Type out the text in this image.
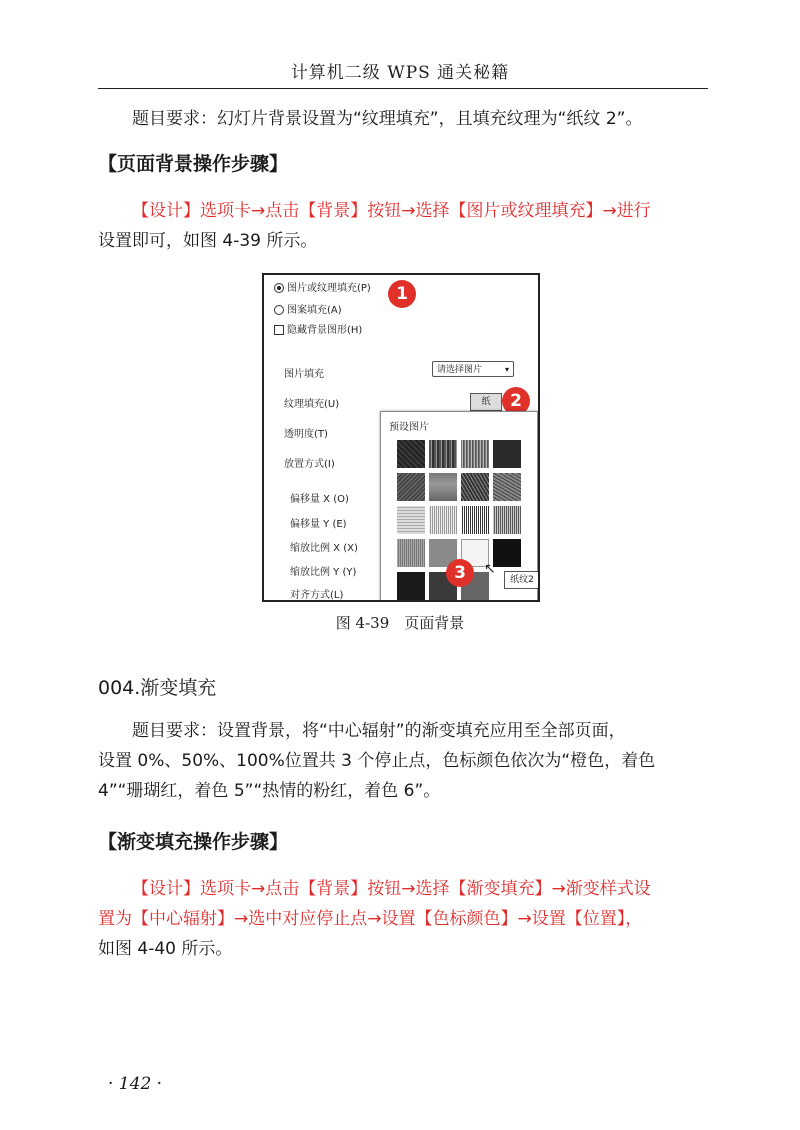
计算机二级 WPS 通关秘籍
题目要求：幻灯片背景设置为“纹理填充”，且填充纹理为“纸纹 2”。
【页面背景操作步骤】
【设计】选项卡→点击【背景】按钮→选择【图片或纹理填充】→进行
设置即可，如图 4-39 所示。
图片或纹理填充(P)
图案填充(A)
隐藏背景图形(H)
1
图片填充	请选择图片	▾
纹理填充(U)	纸	2
透明度(T)
放置方式(I)
偏移量 X (O)
偏移量 Y (E)
缩放比例 X (X)
缩放比例 Y (Y)
对齐方式(L)
预设图片
3	↖
纸纹2
图 4-39　页面背景
004.渐变填充
题目要求：设置背景，将“中心辐射”的渐变填充应用至全部页面，
设置 0%、50%、100%位置共 3 个停止点，色标颜色依次为“橙色，着色
4”“珊瑚红，着色 5”“热情的粉红，着色 6”。
【渐变填充操作步骤】
【设计】选项卡→点击【背景】按钮→选择【渐变填充】→渐变样式设
置为【中心辐射】→选中对应停止点→设置【色标颜色】→设置【位置】，
如图 4-40 所示。
· 142 ·
